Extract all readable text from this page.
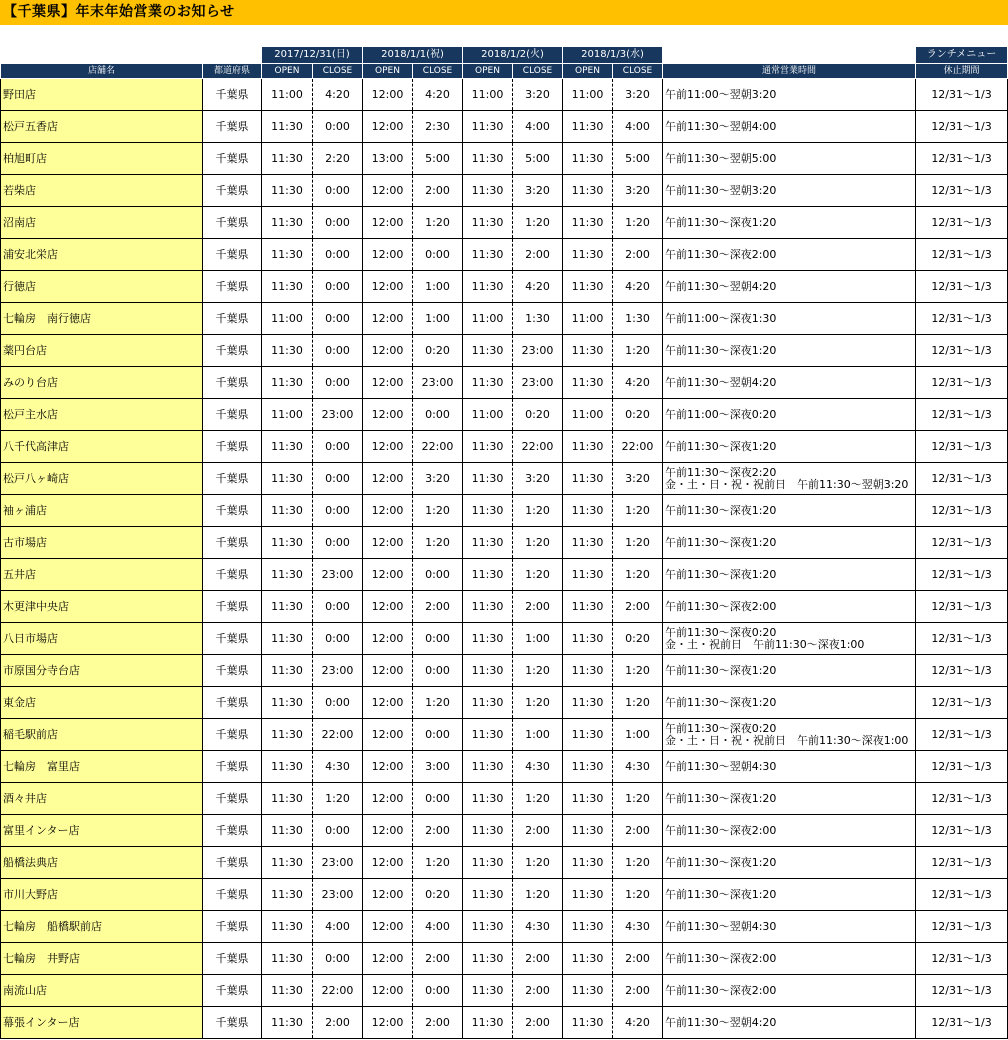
【千葉県】年末年始営業のお知らせ
		2017/12/31(日)		2018/1/1(祝)		2018/1/2(火)		2018/1/3(水)			ランチメニュー
店舗名	都道府県	OPEN	CLOSE	OPEN	CLOSE	OPEN	CLOSE	OPEN	CLOSE	通常営業時間	休止期間
野田店	千葉県	11:00	4:20	12:00	4:20	11:00	3:20	11:00	3:20	午前11:00～翌朝3:20	12/31～1/3
松戸五香店	千葉県	11:30	0:00	12:00	2:30	11:30	4:00	11:30	4:00	午前11:30～翌朝4:00	12/31～1/3
柏旭町店	千葉県	11:30	2:20	13:00	5:00	11:30	5:00	11:30	5:00	午前11:30～翌朝5:00	12/31～1/3
若柴店	千葉県	11:30	0:00	12:00	2:00	11:30	3:20	11:30	3:20	午前11:30～翌朝3:20	12/31～1/3
沼南店	千葉県	11:30	0:00	12:00	1:20	11:30	1:20	11:30	1:20	午前11:30～深夜1:20	12/31～1/3
浦安北栄店	千葉県	11:30	0:00	12:00	0:00	11:30	2:00	11:30	2:00	午前11:30～深夜2:00	12/31～1/3
行徳店	千葉県	11:30	0:00	12:00	1:00	11:30	4:20	11:30	4:20	午前11:30～翌朝4:20	12/31～1/3
七輪房　南行徳店	千葉県	11:00	0:00	12:00	1:00	11:00	1:30	11:00	1:30	午前11:00～深夜1:30	12/31～1/3
薬円台店	千葉県	11:30	0:00	12:00	0:20	11:30	23:00	11:30	1:20	午前11:30～深夜1:20	12/31～1/3
みのり台店	千葉県	11:30	0:00	12:00	23:00	11:30	23:00	11:30	4:20	午前11:30～翌朝4:20	12/31～1/3
松戸主水店	千葉県	11:00	23:00	12:00	0:00	11:00	0:20	11:00	0:20	午前11:00～深夜0:20	12/31～1/3
八千代高津店	千葉県	11:30	0:00	12:00	22:00	11:30	22:00	11:30	22:00	午前11:30～深夜1:20	12/31～1/3
松戸八ヶ崎店	千葉県	11:30	0:00	12:00	3:20	11:30	3:20	11:30	3:20	午前11:30～深夜2:20
金・土・日・祝・祝前日　午前11:30～翌朝3:20	12/31～1/3
袖ヶ浦店	千葉県	11:30	0:00	12:00	1:20	11:30	1:20	11:30	1:20	午前11:30～深夜1:20	12/31～1/3
古市場店	千葉県	11:30	0:00	12:00	1:20	11:30	1:20	11:30	1:20	午前11:30～深夜1:20	12/31～1/3
五井店	千葉県	11:30	23:00	12:00	0:00	11:30	1:20	11:30	1:20	午前11:30～深夜1:20	12/31～1/3
木更津中央店	千葉県	11:30	0:00	12:00	2:00	11:30	2:00	11:30	2:00	午前11:30～深夜2:00	12/31～1/3
八日市場店	千葉県	11:30	0:00	12:00	0:00	11:30	1:00	11:30	0:20	午前11:30～深夜0:20
金・土・祝前日　午前11:30～深夜1:00	12/31～1/3
市原国分寺台店	千葉県	11:30	23:00	12:00	0:00	11:30	1:20	11:30	1:20	午前11:30～深夜1:20	12/31～1/3
東金店	千葉県	11:30	0:00	12:00	1:20	11:30	1:20	11:30	1:20	午前11:30～深夜1:20	12/31～1/3
稲毛駅前店	千葉県	11:30	22:00	12:00	0:00	11:30	1:00	11:30	1:00	午前11:30～深夜0:20
金・土・日・祝・祝前日　午前11:30～深夜1:00	12/31～1/3
七輪房　富里店	千葉県	11:30	4:30	12:00	3:00	11:30	4:30	11:30	4:30	午前11:30～翌朝4:30	12/31～1/3
酒々井店	千葉県	11:30	1:20	12:00	0:00	11:30	1:20	11:30	1:20	午前11:30～深夜1:20	12/31～1/3
富里インター店	千葉県	11:30	0:00	12:00	2:00	11:30	2:00	11:30	2:00	午前11:30～深夜2:00	12/31～1/3
船橋法典店	千葉県	11:30	23:00	12:00	1:20	11:30	1:20	11:30	1:20	午前11:30～深夜1:20	12/31～1/3
市川大野店	千葉県	11:30	23:00	12:00	0:20	11:30	1:20	11:30	1:20	午前11:30～深夜1:20	12/31～1/3
七輪房　船橋駅前店	千葉県	11:30	4:00	12:00	4:00	11:30	4:30	11:30	4:30	午前11:30～翌朝4:30	12/31～1/3
七輪房　井野店	千葉県	11:30	0:00	12:00	2:00	11:30	2:00	11:30	2:00	午前11:30～深夜2:00	12/31～1/3
南流山店	千葉県	11:30	22:00	12:00	0:00	11:30	2:00	11:30	2:00	午前11:30～深夜2:00	12/31～1/3
幕張インター店	千葉県	11:30	2:00	12:00	2:00	11:30	2:00	11:30	4:20	午前11:30～翌朝4:20	12/31～1/3
